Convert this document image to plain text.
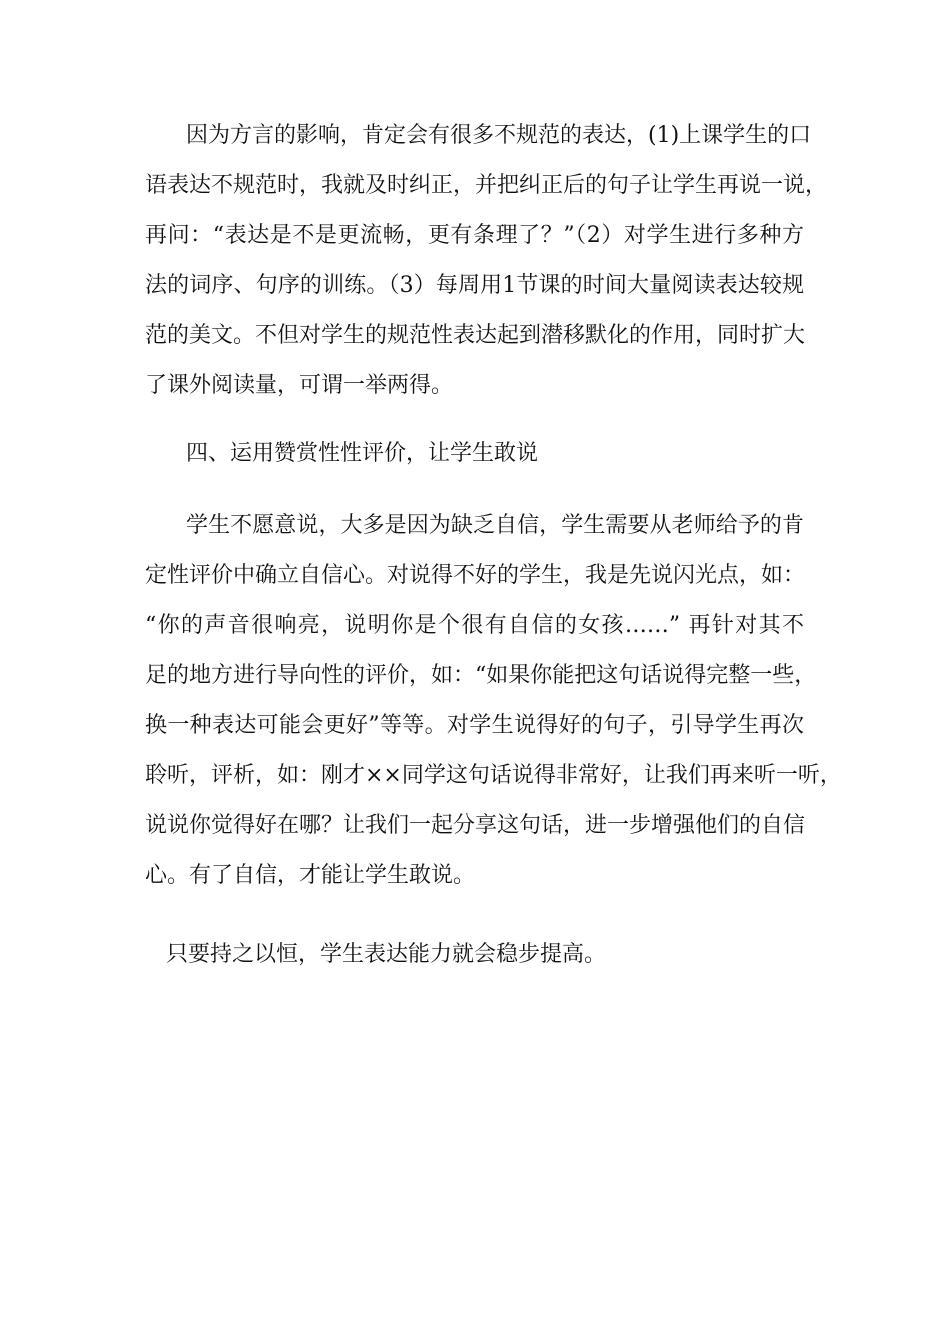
因为方言的影响，肯定会有很多不规范的表达，(1)上课学生的口
语表达不规范时，我就及时纠正，并把纠正后的句子让学生再说一说，
再问：“表达是不是更流畅，更有条理了？”（2）对学生进行多种方
法的词序、句序的训练。（3）每周用1节课的时间大量阅读表达较规
范的美文。不但对学生的规范性表达起到潜移默化的作用，同时扩大
了课外阅读量，可谓一举两得。
四、运用赞赏性性评价，让学生敢说
学生不愿意说，大多是因为缺乏自信，学生需要从老师给予的肯
定性评价中确立自信心。对说得不好的学生，我是先说闪光点，如：
“你的声音很响亮，说明你是个很有自信的女孩……” 再针对其不
足的地方进行导向性的评价，如：“如果你能把这句话说得完整一些，
换一种表达可能会更好”等等。对学生说得好的句子，引导学生再次
聆听，评析，如：刚才××同学这句话说得非常好，让我们再来听一听，
说说你觉得好在哪？让我们一起分享这句话，进一步增强他们的自信
心。有了自信，才能让学生敢说。
只要持之以恒，学生表达能力就会稳步提高。
